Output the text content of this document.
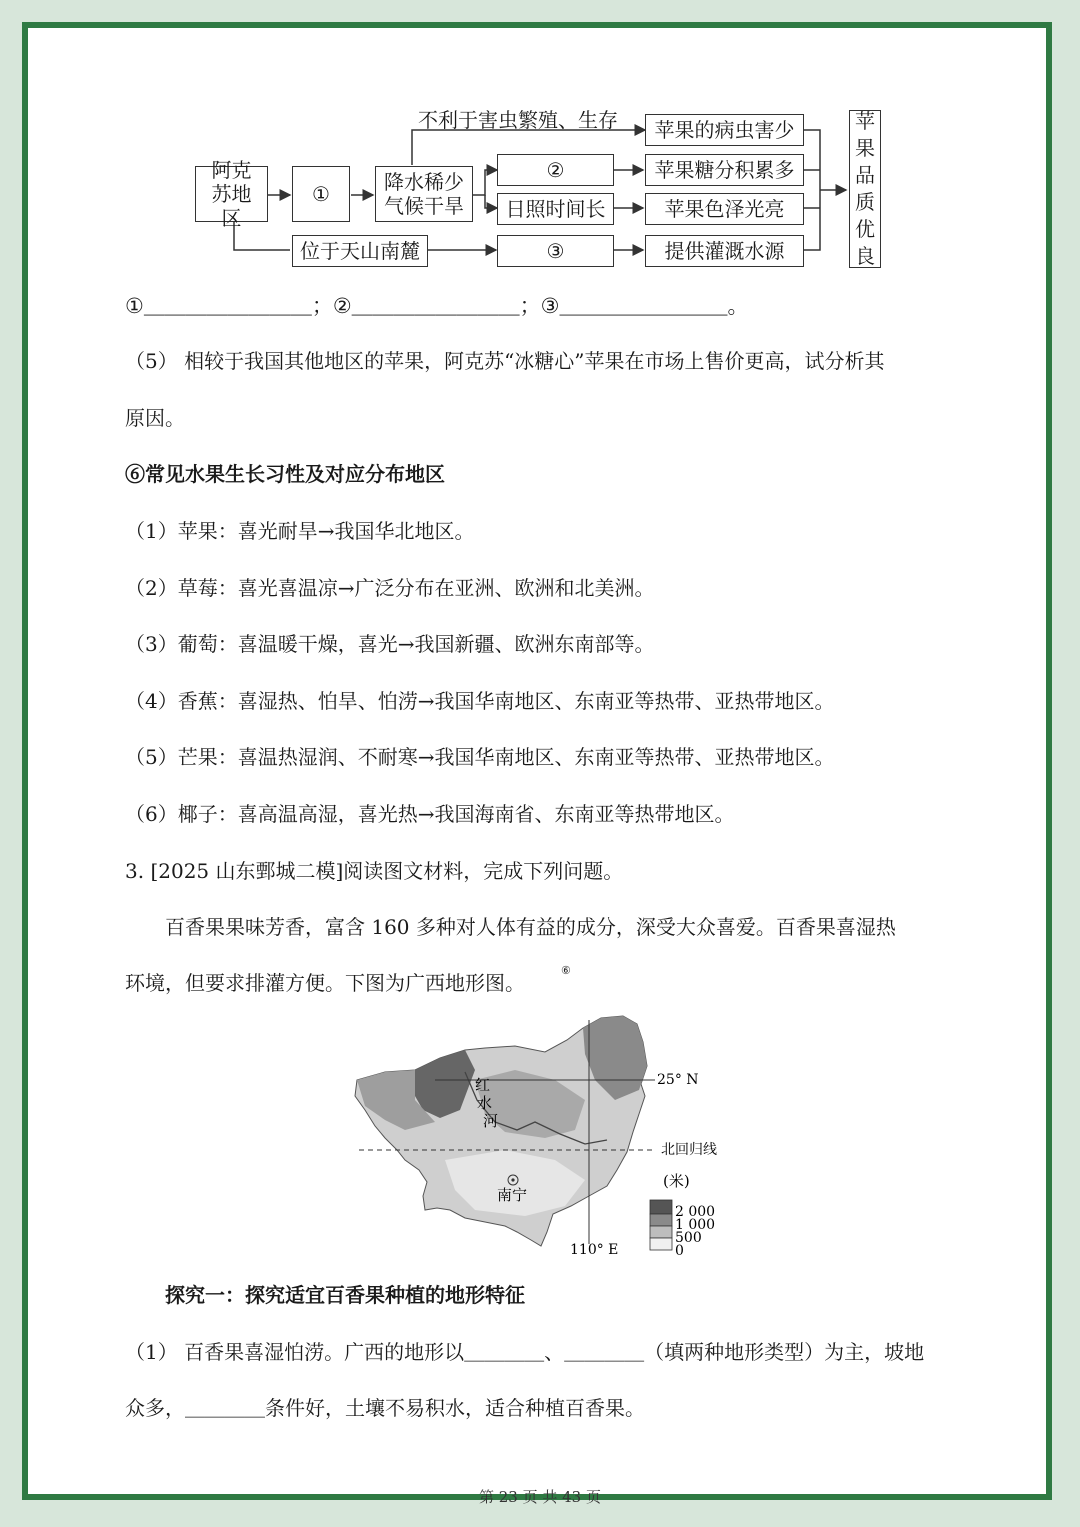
不利于害虫繁殖、生存
阿克苏地区
①	降水稀少气候干旱
②
日照时间长
位于天山南麓	③
苹果的病虫害少
苹果糖分积累多
苹果色泽光亮
提供灌溉水源
苹果品质优良
①＿＿＿＿＿＿＿＿；②＿＿＿＿＿＿＿＿；③＿＿＿＿＿＿＿＿。
（5） 相较于我国其他地区的苹果，阿克苏“冰糖心”苹果在市场上售价更高，试分析其
原因。
⑥常见水果生长习性及对应分布地区
（1）苹果：喜光耐旱→我国华北地区。
（2）草莓：喜光喜温凉→广泛分布在亚洲、欧洲和北美洲。
（3）葡萄：喜温暖干燥，喜光→我国新疆、欧洲东南部等。
（4）香蕉：喜湿热、怕旱、怕涝→我国华南地区、东南亚等热带、亚热带地区。
（5）芒果：喜温热湿润、不耐寒→我国华南地区、东南亚等热带、亚热带地区。
（6）椰子：喜高温高湿，喜光热→我国海南省、东南亚等热带地区。
3. [2025 山东鄄城二模]阅读图文材料，完成下列问题。
百香果果味芳香，富含 160 多种对人体有益的成分，深受大众喜爱。百香果喜湿热
环境，但要求排灌方便。下图为广西地形图。
⑥
25° N
北回归线
110° E
南宁
红水河
(米)
2 000
1 000
500
0
探究一：探究适宜百香果种植的地形特征
（1） 百香果喜湿怕涝。广西的地形以＿＿＿＿、＿＿＿＿（填两种地形类型）为主，坡地
众多，＿＿＿＿条件好，土壤不易积水，适合种植百香果。
第 23 页 共 43 页
